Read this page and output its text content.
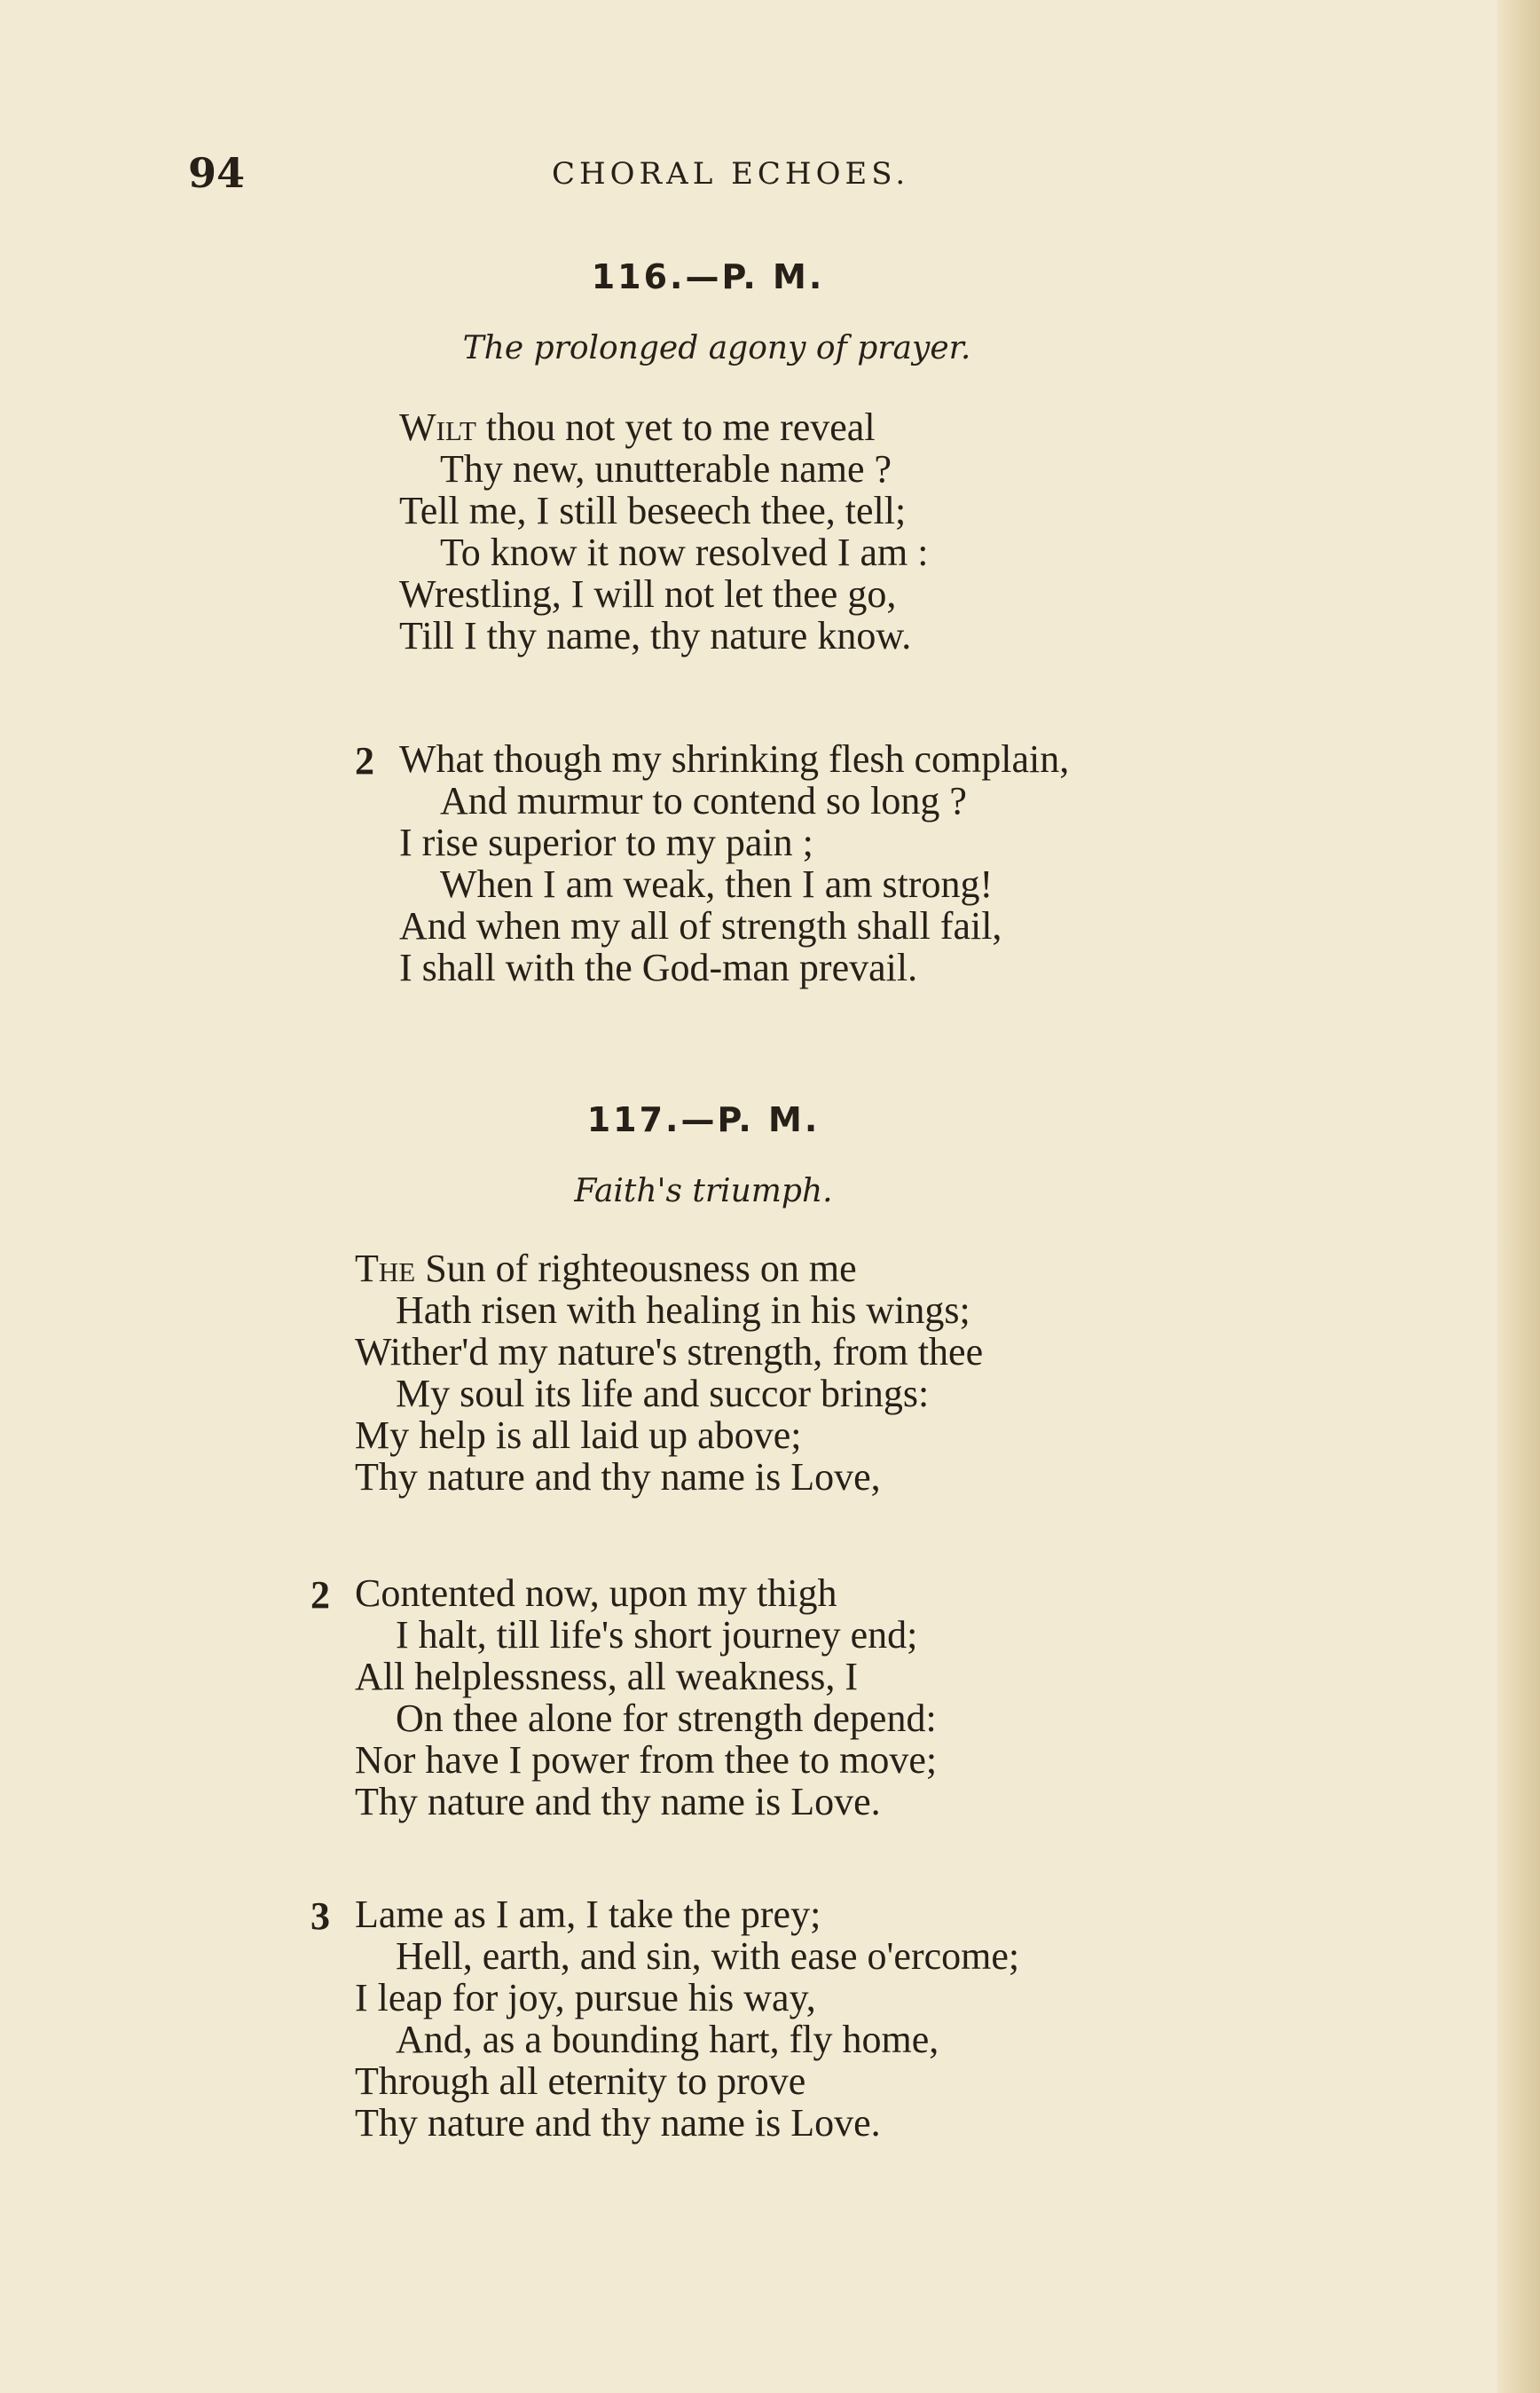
94	CHORAL ECHOES.
116.—P. M.
The prolonged agony of prayer.
Wilt thou not yet to me reveal
Thy new, unutterable name ?
Tell me, I still beseech thee, tell;
To know it now resolved I am :
Wrestling, I will not let thee go,
Till I thy name, thy nature know.
2 What though my shrinking flesh complain,
And murmur to contend so long ?
I rise superior to my pain ;
When I am weak, then I am strong!
And when my all of strength shall fail,
I shall with the God-man prevail.
117.—P. M.
Faith's triumph.
The Sun of righteousness on me
Hath risen with healing in his wings;
Wither'd my nature's strength, from thee
My soul its life and succor brings:
My help is all laid up above;
Thy nature and thy name is Love,
2 Contented now, upon my thigh
I halt, till life's short journey end;
All helplessness, all weakness, I
On thee alone for strength depend:
Nor have I power from thee to move;
Thy nature and thy name is Love.
3 Lame as I am, I take the prey;
Hell, earth, and sin, with ease o'ercome;
I leap for joy, pursue his way,
And, as a bounding hart, fly home,
Through all eternity to prove
Thy nature and thy name is Love.
